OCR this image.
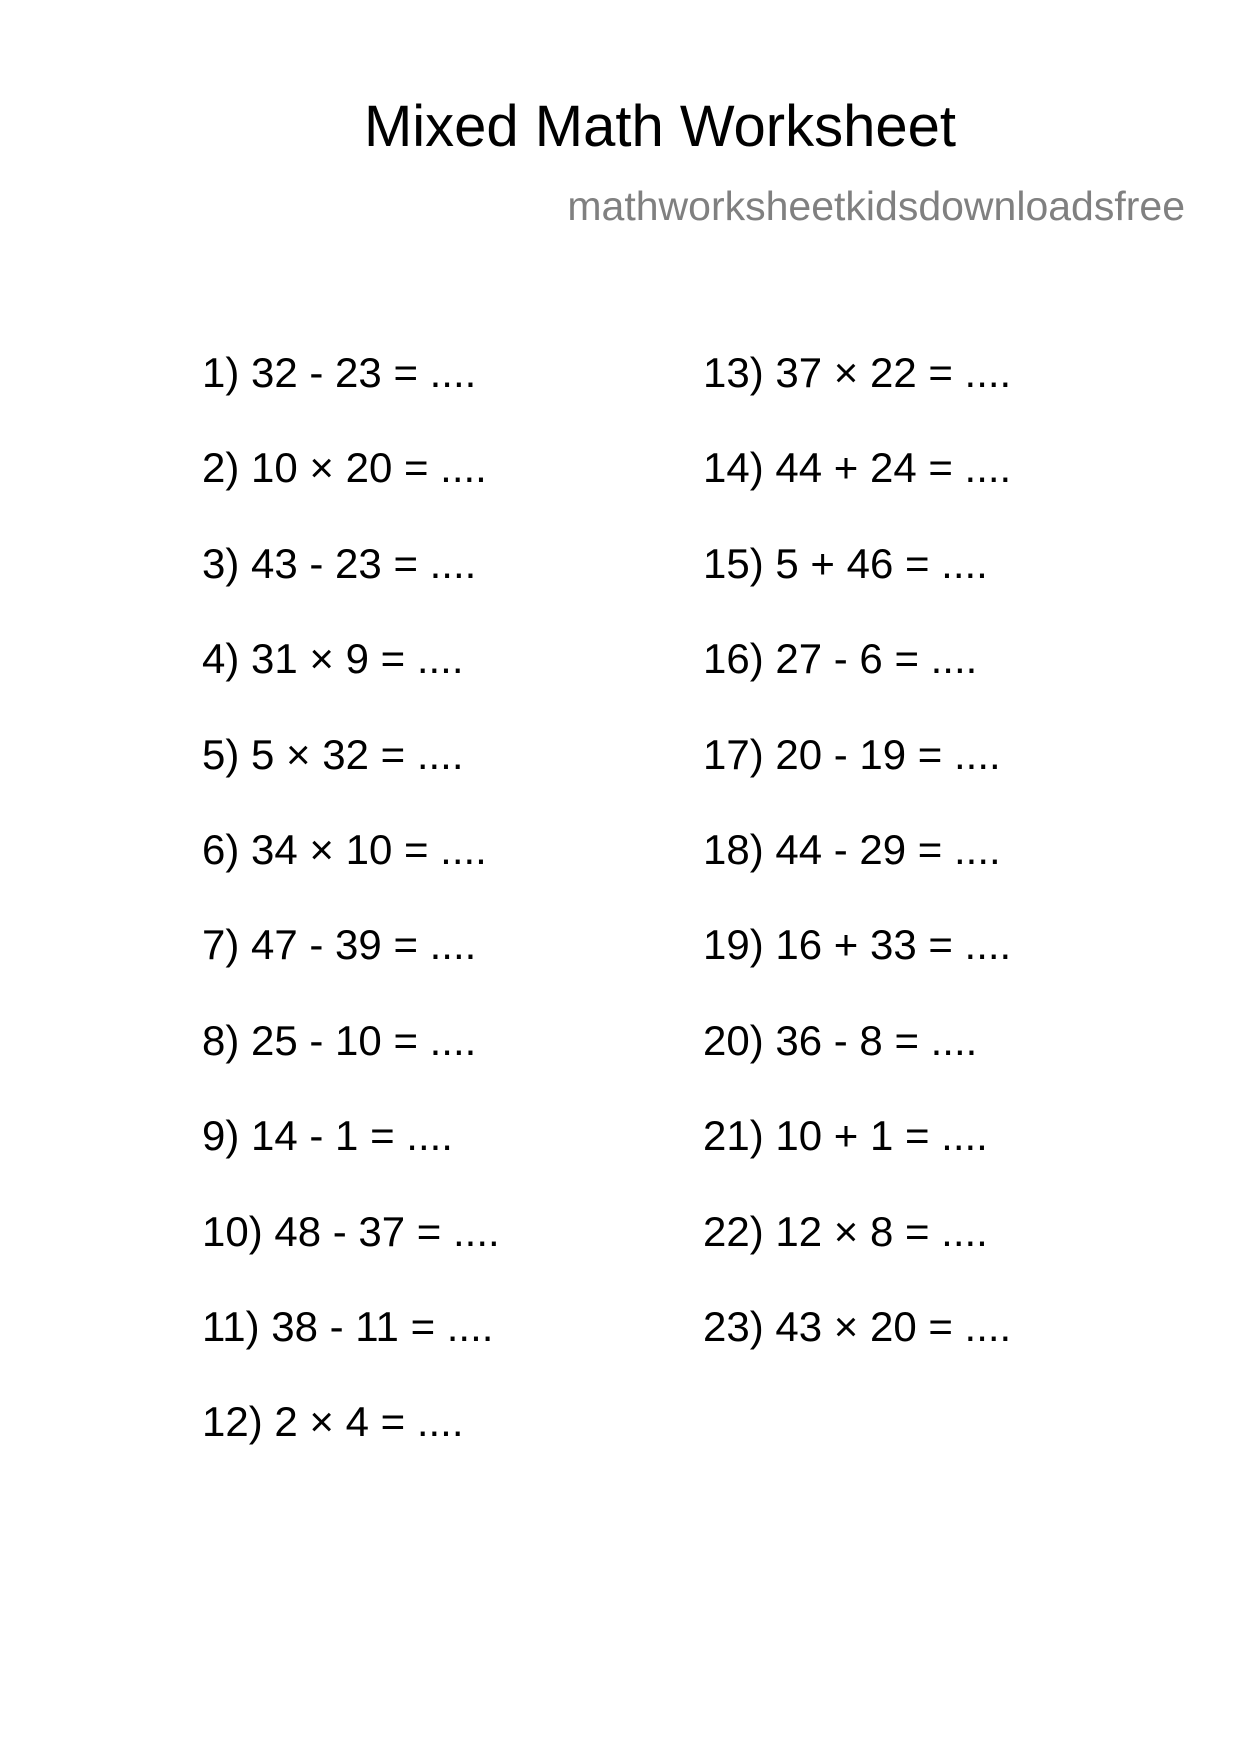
Mixed Math Worksheet
mathworksheetkidsdownloadsfree
1) 32 - 23 = ....
2) 10 × 20 = ....
3) 43 - 23 = ....
4) 31 × 9 = ....
5) 5 × 32 = ....
6) 34 × 10 = ....
7) 47 - 39 = ....
8) 25 - 10 = ....
9) 14 - 1 = ....
10) 48 - 37 = ....
11) 38 - 11 = ....
12) 2 × 4 = ....
13) 37 × 22 = ....
14) 44 + 24 = ....
15) 5 + 46 = ....
16) 27 - 6 = ....
17) 20 - 19 = ....
18) 44 - 29 = ....
19) 16 + 33 = ....
20) 36 - 8 = ....
21) 10 + 1 = ....
22) 12 × 8 = ....
23) 43 × 20 = ....
